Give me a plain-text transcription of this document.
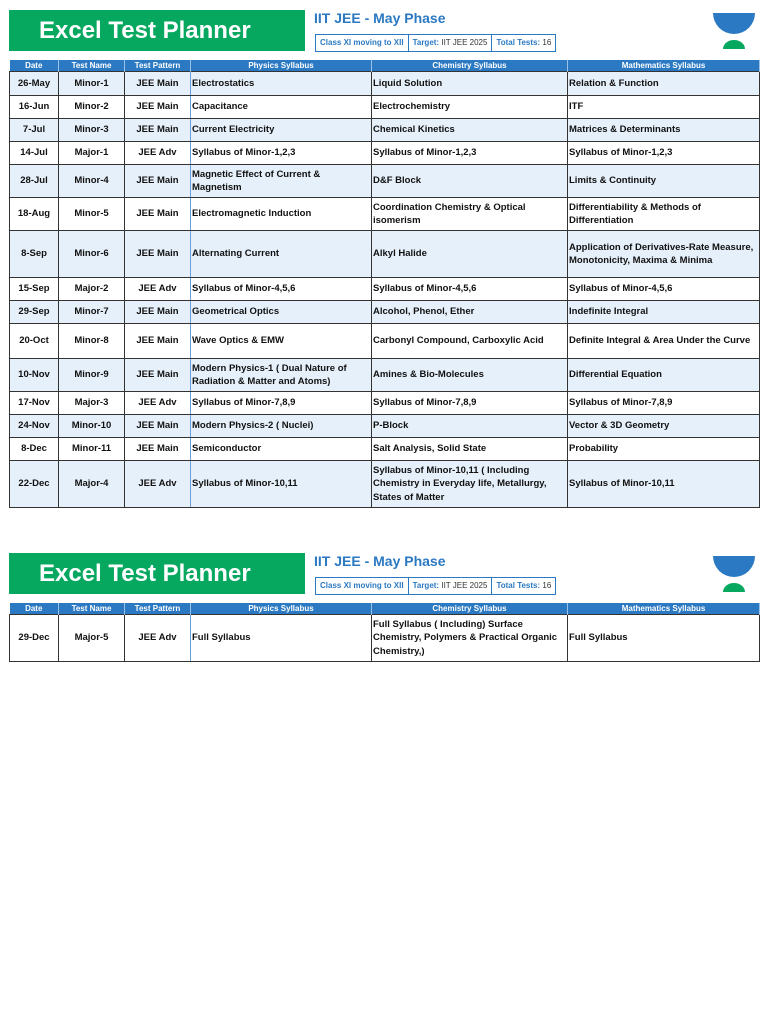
Excel Test Planner	IIT JEE - May Phase
Class XI moving to XII	Target: IIT JEE 2025	Total Tests: 16
Date	Test Name	Test Pattern	Physics Syllabus	Chemistry Syllabus	Mathematics Syllabus
26-May	Minor-1	JEE Main	Electrostatics	Liquid Solution	Relation & Function
16-Jun	Minor-2	JEE Main	Capacitance	Electrochemistry	ITF
7-Jul	Minor-3	JEE Main	Current Electricity	Chemical Kinetics	Matrices & Determinants
14-Jul	Major-1	JEE Adv	Syllabus of Minor-1,2,3	Syllabus of Minor-1,2,3	Syllabus of Minor-1,2,3
28-Jul	Minor-4	JEE Main	Magnetic Effect of Current & Magnetism	D&F Block	Limits & Continuity
18-Aug	Minor-5	JEE Main	Electromagnetic Induction	Coordination Chemistry & Optical isomerism	Differentiability & Methods of Differentiation
8-Sep	Minor-6	JEE Main	Alternating Current	Alkyl Halide	Application of Derivatives-Rate Measure, Monotonicity, Maxima & Minima
15-Sep	Major-2	JEE Adv	Syllabus of Minor-4,5,6	Syllabus of Minor-4,5,6	Syllabus of Minor-4,5,6
29-Sep	Minor-7	JEE Main	Geometrical Optics	Alcohol, Phenol, Ether	Indefinite Integral
20-Oct	Minor-8	JEE Main	Wave Optics & EMW	Carbonyl Compound, Carboxylic Acid	Definite Integral & Area Under the Curve
10-Nov	Minor-9	JEE Main	Modern Physics-1 ( Dual Nature of Radiation & Matter and Atoms)	Amines & Bio-Molecules	Differential Equation
17-Nov	Major-3	JEE Adv	Syllabus of Minor-7,8,9	Syllabus of Minor-7,8,9	Syllabus of Minor-7,8,9
24-Nov	Minor-10	JEE Main	Modern Physics-2 ( Nuclei)	P-Block	Vector & 3D Geometry
8-Dec	Minor-11	JEE Main	Semiconductor	Salt Analysis, Solid State	Probability
22-Dec	Major-4	JEE Adv	Syllabus of Minor-10,11	Syllabus of Minor-10,11 ( Including Chemistry in Everyday life, Metallurgy, States of Matter	Syllabus of Minor-10,11
Excel Test Planner	IIT JEE - May Phase
Class XI moving to XII	Target: IIT JEE 2025	Total Tests: 16
Date	Test Name	Test Pattern	Physics Syllabus	Chemistry Syllabus	Mathematics Syllabus
29-Dec	Major-5	JEE Adv	Full Syllabus	Full Syllabus ( Including) Surface Chemistry, Polymers & Practical Organic Chemistry,)	Full Syllabus
